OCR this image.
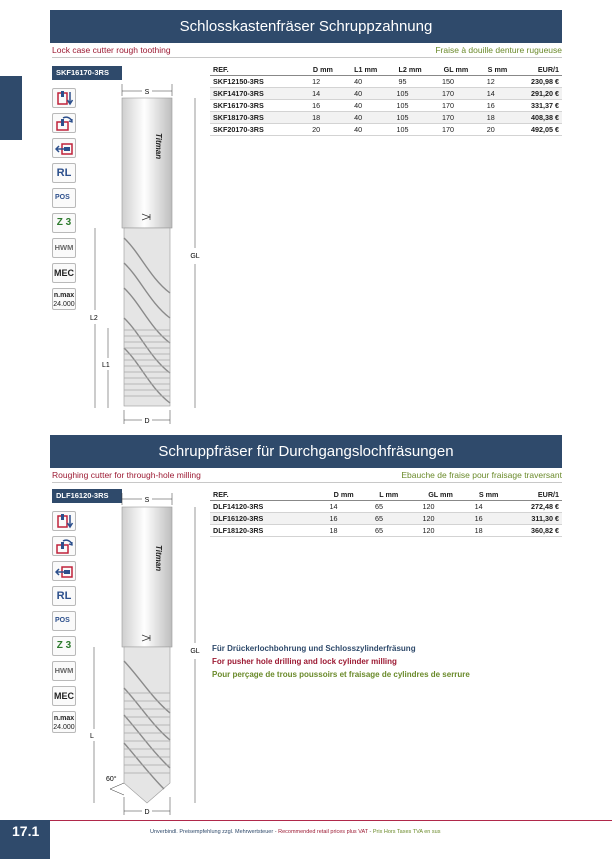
Schlosskastenfräser Schruppzahnung
Lock case cutter rough toothing	Fraise à douille denture rugueuse
SKF16170-3RS
RL
POS
Z 3
HWM
MEC
n.max
24.000
S
Titman
GL
L2
L1
D
REF.	D mm	L1 mm	L2 mm	GL mm	S mm	EUR/1
SKF12150-3RS	12	40	95	150	12	230,98 €
SKF14170-3RS	14	40	105	170	14	291,20 €
SKF16170-3RS	16	40	105	170	16	331,37 €
SKF18170-3RS	18	40	105	170	18	408,38 €
SKF20170-3RS	20	40	105	170	20	492,05 €
Schruppfräser für Durchgangslochfräsungen
Roughing cutter for through-hole milling	Ebauche de fraise pour fraisage traversant
DLF16120-3RS
RL
POS
Z 3
HWM
MEC
n.max
24.000
S
Titman
GL
L
60°
D
REF.	D mm	L mm	GL mm	S mm	EUR/1
DLF14120-3RS	14	65	120	14	272,48 €
DLF16120-3RS	16	65	120	16	311,30 €
DLF18120-3RS	18	65	120	18	360,82 €
Für Drückerlochbohrung und Schlosszylinderfräsung
For pusher hole drilling and lock cylinder milling
Pour perçage de trous poussoirs et fraisage de cylindres de serrure
17.1	Unverbindl. Preisempfehlung zzgl. Mehrwertsteuer - Recommended retail prices plus VAT - Prix Hors Taxes TVA en sus
